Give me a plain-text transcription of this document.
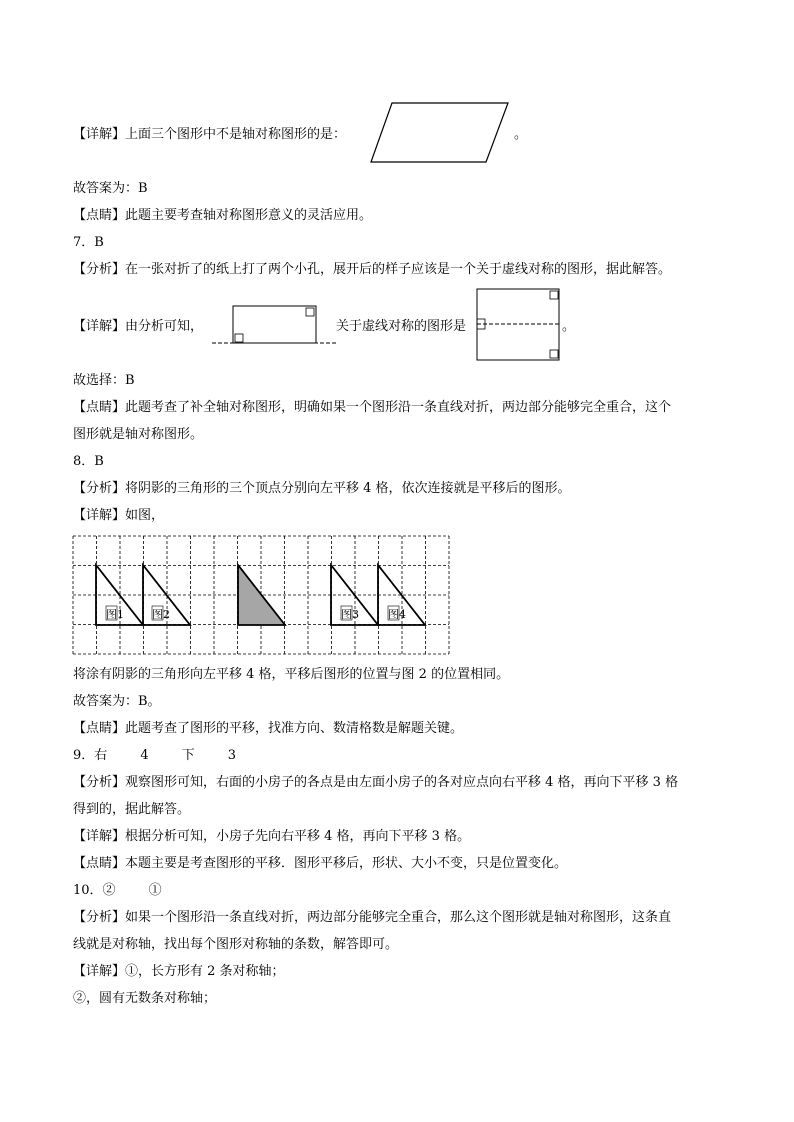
【详解】上面三个图形中不是轴对称图形的是：	。
故答案为：B
【点睛】此题主要考查轴对称图形意义的灵活应用。
7．B
【分析】在一张对折了的纸上打了两个小孔，展开后的样子应该是一个关于虚线对称的图形，据此解答。
【详解】由分析可知，	关于虚线对称的图形是	。
故选择：B
【点睛】此题考查了补全轴对称图形，明确如果一个图形沿一条直线对折，两边部分能够完全重合，这个
图形就是轴对称图形。
8．B
【分析】将阴影的三角形的三个顶点分别向左平移 4 格，依次连接就是平移后的图形。
【详解】如图，
图1	图2	图3	图4
将涂有阴影的三角形向左平移 4 格，平移后图形的位置与图 2 的位置相同。
故答案为：B。
【点睛】此题考查了图形的平移，找准方向、数清格数是解题关键。
9．右        4        下        3
【分析】观察图形可知，右面的小房子的各点是由左面小房子的各对应点向右平移 4 格，再向下平移 3 格
得到的，据此解答。
【详解】根据分析可知，小房子先向右平移 4 格，再向下平移 3 格。
【点睛】本题主要是考查图形的平移．图形平移后，形状、大小不变，只是位置变化。
10．②        ①
【分析】如果一个图形沿一条直线对折，两边部分能够完全重合，那么这个图形就是轴对称图形，这条直
线就是对称轴，找出每个图形对称轴的条数，解答即可。
【详解】①，长方形有 2 条对称轴；
②，圆有无数条对称轴；
